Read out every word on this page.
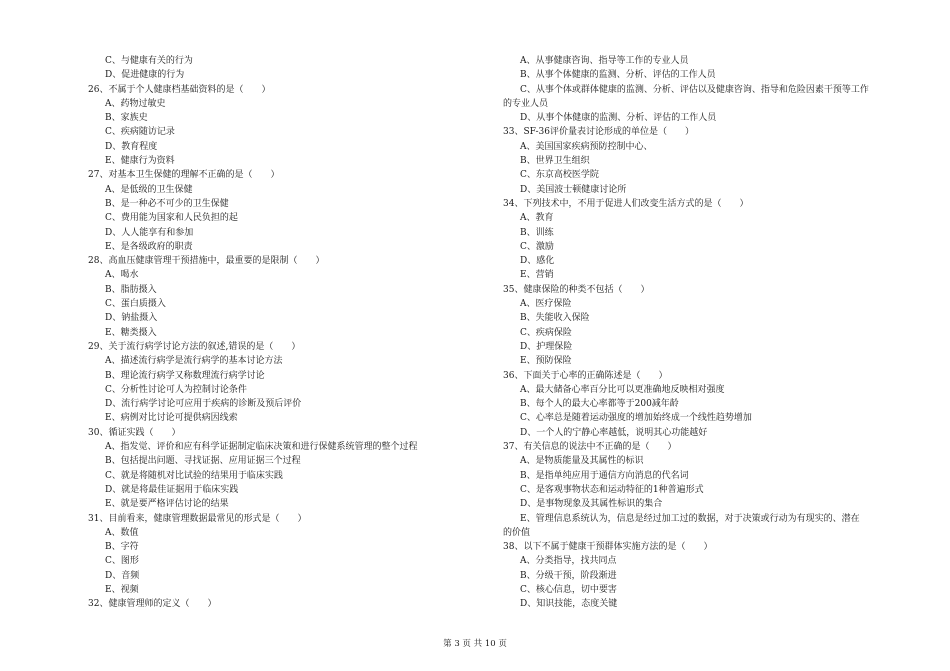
C、与健康有关的行为
D、促进健康的行为
26、不属于个人健康档基础资料的是（　　）
A、药物过敏史
B、家族史
C、疾病随访记录
D、教育程度
E、健康行为资料
27、对基本卫生保健的理解不正确的是（　　）
A、是低级的卫生保健
B、是一种必不可少的卫生保健
C、费用能为国家和人民负担的起
D、人人能享有和参加
E、是各级政府的职责
28、高血压健康管理干预措施中，最重要的是限制（　　）
A、喝水
B、脂肪摄入
C、蛋白质摄入
D、钠盐摄入
E、糖类摄入
29、关于流行病学讨论方法的叙述,错误的是（　　）
A、描述流行病学是流行病学的基本讨论方法
B、理论流行病学又称数理流行病学讨论
C、分析性讨论可人为控制讨论条件
D、流行病学讨论可应用于疾病的诊断及预后评价
E、病例对比讨论可提供病因线索
30、循证实践（　　）
A、指发觉、评价和应有科学证据制定临床决策和进行保健系统管理的整个过程
B、包括提出问题、寻找证据、应用证据三个过程
C、就是将随机对比试验的结果用于临床实践
D、就是将最佳证据用于临床实践
E、就是要严格评估讨论的结果
31、目前看来，健康管理数据最常见的形式是（　　）
A、数值
B、字符
C、图形
D、音频
E、视频
32、健康管理师的定义（　　）
A、从事健康咨询、指导等工作的专业人员
B、从事个体健康的监测、分析、评估的工作人员
C、从事个体或群体健康的监测、分析、评估以及健康咨询、指导和危险因素干预等工作
的专业人员
D、从事个体健康的监测、分析、评估的工作人员
33、SF-36评价量表讨论形成的单位是（　　）
A、美国国家疾病预防控制中心、
B、世界卫生组织
C、东京高校医学院
D、美国波士顿健康讨论所
34、下列技术中，不用于促进人们改变生活方式的是（　　）
A、教育
B、训练
C、激励
D、感化
E、营销
35、健康保险的种类不包括（　　）
A、医疗保险
B、失能收入保险
C、疾病保险
D、护理保险
E、预防保险
36、下面关于心率的正确陈述是（　　）
A、最大储备心率百分比可以更准确地反映相对强度
B、每个人的最大心率都等于200减年龄
C、心率总是随着运动强度的增加始终成一个线性趋势增加
D、一个人的宁静心率越低，说明其心功能越好
37、有关信息的说法中不正确的是（　　）
A、是物质能量及其属性的标识
B、是指单纯应用于通信方向消息的代名词
C、是客观事物状态和运动特征的1种普遍形式
D、是事物现象及其属性标识的集合
E、管理信息系统认为，信息是经过加工过的数据，对于决策或行动为有现实的、潜在
的价值
38、以下不属于健康干预群体实施方法的是（　　）
A、分类指导，找共同点
B、分级干预，阶段渐进
C、核心信息，切中要害
D、知识技能，态度关键
第 3 页 共 10 页
